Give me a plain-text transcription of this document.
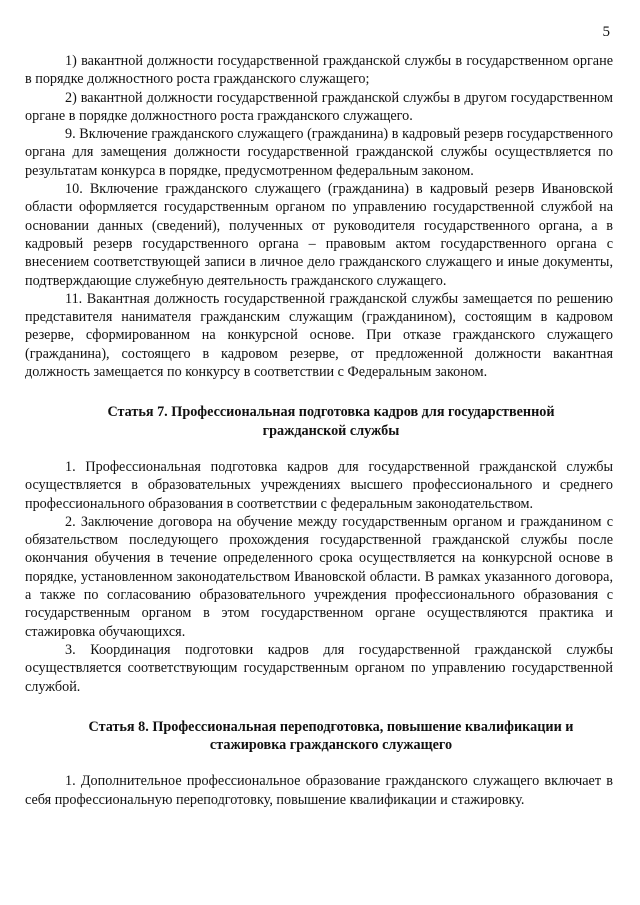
5

1) вакантной должности государственной гражданской службы в государственном органе в порядке должностного роста гражданского служащего;

2) вакантной должности государственной гражданской службы в другом государственном органе в порядке должностного роста гражданского служащего.

9. Включение гражданского служащего (гражданина) в кадровый резерв государственного органа для замещения должности государственной гражданской службы осуществляется по результатам конкурса в порядке, предусмотренном федеральным законом.

10. Включение гражданского служащего (гражданина) в кадровый резерв Ивановской области оформляется государственным органом по управлению государственной службой на основании данных (сведений), полученных от руководителя государственного органа, а в кадровый резерв государственного органа – правовым актом государственного органа с внесением соответствующей записи в личное дело гражданского служащего и иные документы, подтверждающие служебную деятельность гражданского служащего.

11. Вакантная должность государственной гражданской службы замещается по решению представителя нанимателя гражданским служащим (гражданином), состоящим в кадровом резерве, сформированном на конкурсной основе. При отказе гражданского служащего (гражданина), состоящего в кадровом резерве, от предложенной должности вакантная должность замещается по конкурсу в соответствии с Федеральным законом.

Статья 7. Профессиональная подготовка кадров для государственной гражданской службы

1. Профессиональная подготовка кадров для государственной гражданской службы осуществляется в образовательных учреждениях высшего профессионального и среднего профессионального образования в соответствии с федеральным законодательством.

2. Заключение договора на обучение между государственным органом и гражданином с обязательством последующего прохождения государственной гражданской службы после окончания обучения в течение определенного срока осуществляется на конкурсной основе в порядке, установленном законодательством Ивановской области. В рамках указанного договора, а также по согласованию образовательного учреждения профессионального образования с государственным органом в этом государственном органе осуществляются практика и стажировка обучающихся.

3. Координация подготовки кадров для государственной гражданской службы осуществляется соответствующим государственным органом по управлению государственной службой.

Статья 8. Профессиональная переподготовка, повышение квалификации и стажировка гражданского служащего

1. Дополнительное профессиональное образование гражданского служащего включает в себя профессиональную переподготовку, повышение квалификации и стажировку.
